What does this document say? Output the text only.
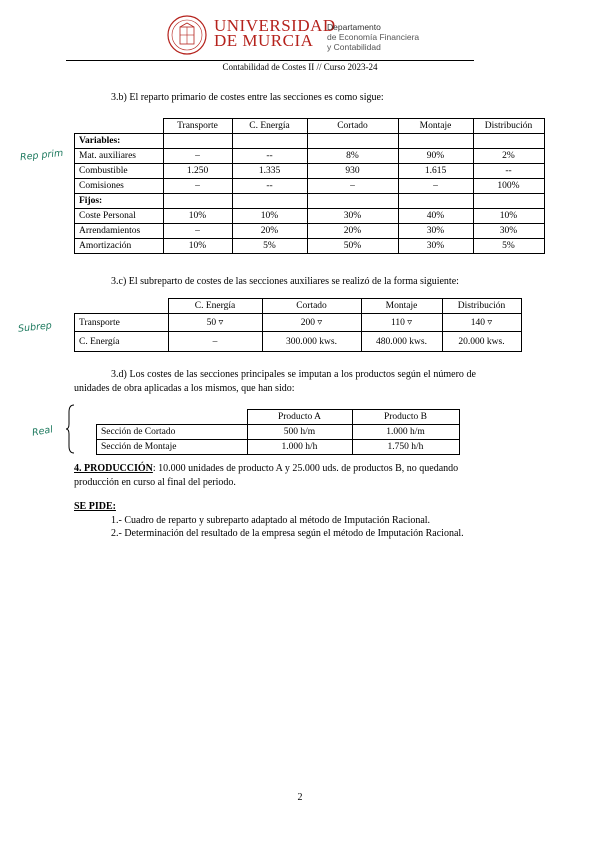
UNIVERSIDAD
DE MURCIA
Departamento
de Economía Financiera
y Contabilidad
Contabilidad de Costes II // Curso 2023-24
3.b) El reparto primario de costes entre las secciones es como sigue:
Rep prim
	Transporte	C. Energía	Cortado	Montaje	Distribución
Variables:					
Mat. auxiliares	–	--	8%	90%	2%
Combustible	1.250	1.335	930	1.615	--
Comisiones	–	--	–	–	100%
Fijos:					
Coste Personal	10%	10%	30%	40%	10%
Arrendamientos	–	20%	20%	30%	30%
Amortización	10%	5%	50%	30%	5%
3.c) El subreparto de costes de las secciones auxiliares se realizó de la forma siguiente:
Subrep
	C. Energía	Cortado	Montaje	Distribución
Transporte	50 ▿	200 ▿	110 ▿	140 ▿
C. Energía	–	300.000 kws.	480.000 kws.	20.000 kws.
3.d) Los costes de las secciones principales se imputan a los productos según el número de unidades de obra aplicadas a los mismos, que han sido:
Real
	Producto A	Producto B
Sección de Cortado	500 h/m	1.000 h/m
Sección de Montaje	1.000 h/h	1.750 h/h
4. PRODUCCIÓN: 10.000 unidades de producto A y 25.000 uds. de productos B, no quedando producción en curso al final del periodo.
SE PIDE:
1.- Cuadro de reparto y subreparto adaptado al método de Imputación Racional.
2.- Determinación del resultado de la empresa según el método de Imputación Racional.
2
